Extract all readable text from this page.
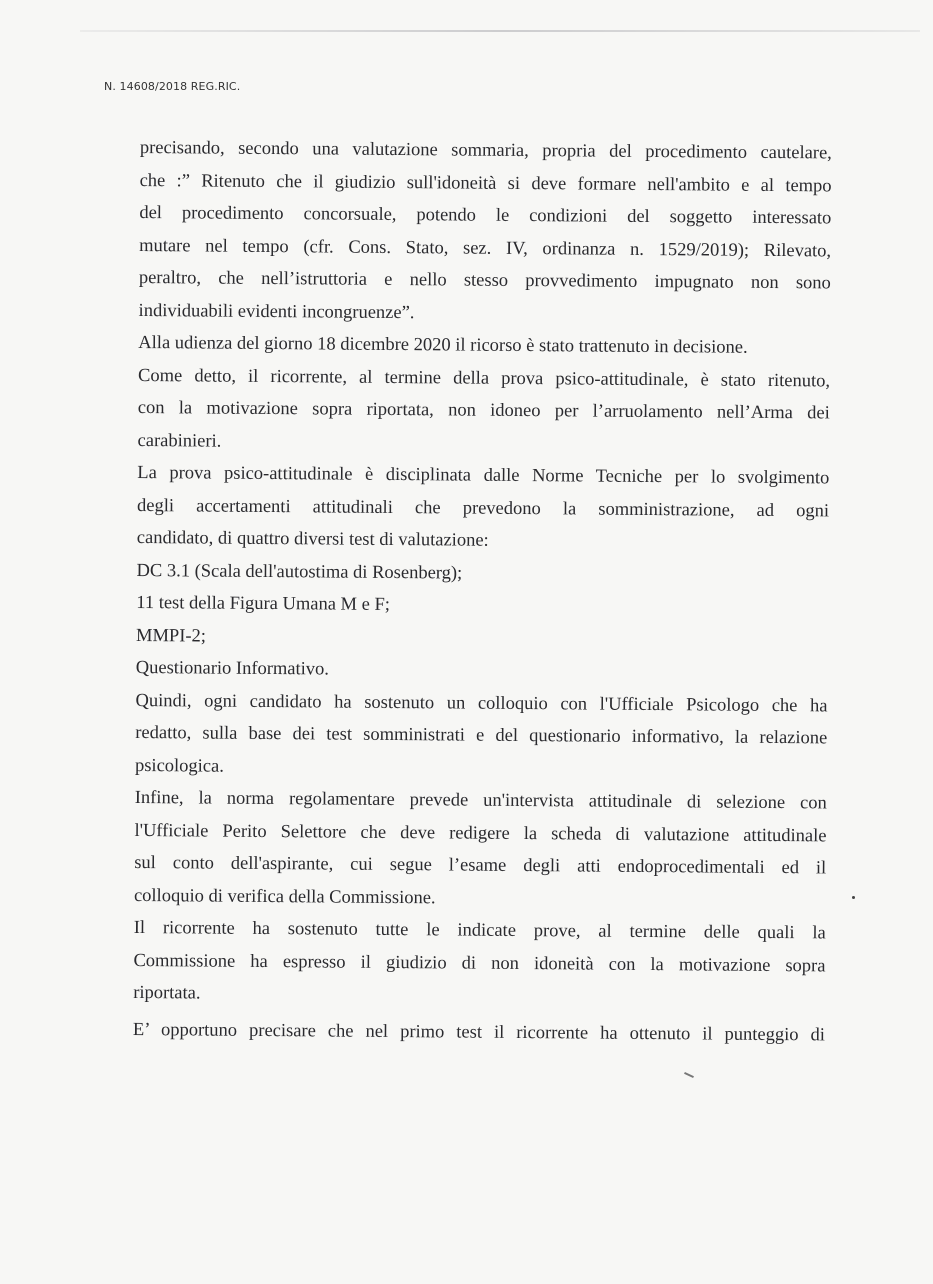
N. 14608/2018 REG.RIC.
precisando, secondo una valutazione sommaria, propria del procedimento cautelare,
che :” Ritenuto che il giudizio sull'idoneità si deve formare nell'ambito e al tempo
del procedimento concorsuale, potendo le condizioni del soggetto interessato
mutare nel tempo (cfr. Cons. Stato, sez. IV, ordinanza n. 1529/2019); Rilevato,
peraltro, che nell’istruttoria e nello stesso provvedimento impugnato non sono
individuabili evidenti incongruenze”.
Alla udienza del giorno 18 dicembre 2020 il ricorso è stato trattenuto in decisione.
Come detto, il ricorrente, al termine della prova psico-attitudinale, è stato ritenuto,
con la motivazione sopra riportata, non idoneo per l’arruolamento nell’Arma dei
carabinieri.
La prova psico-attitudinale è disciplinata dalle Norme Tecniche per lo svolgimento
degli accertamenti attitudinali che prevedono la somministrazione, ad ogni
candidato, di quattro diversi test di valutazione:
DC 3.1 (Scala dell'autostima di Rosenberg);
11 test della Figura Umana M e F;
MMPI-2;
Questionario Informativo.
Quindi, ogni candidato ha sostenuto un colloquio con l'Ufficiale Psicologo che ha
redatto, sulla base dei test somministrati e del questionario informativo, la relazione
psicologica.
Infine, la norma regolamentare prevede un'intervista attitudinale di selezione con
l'Ufficiale Perito Selettore che deve redigere la scheda di valutazione attitudinale
sul conto dell'aspirante, cui segue l’esame degli atti endoprocedimentali ed il
colloquio di verifica della Commissione.
Il ricorrente ha sostenuto tutte le indicate prove, al termine delle quali la
Commissione ha espresso il giudizio di non idoneità con la motivazione sopra
riportata.
E’ opportuno precisare che nel primo test il ricorrente ha ottenuto il punteggio di
